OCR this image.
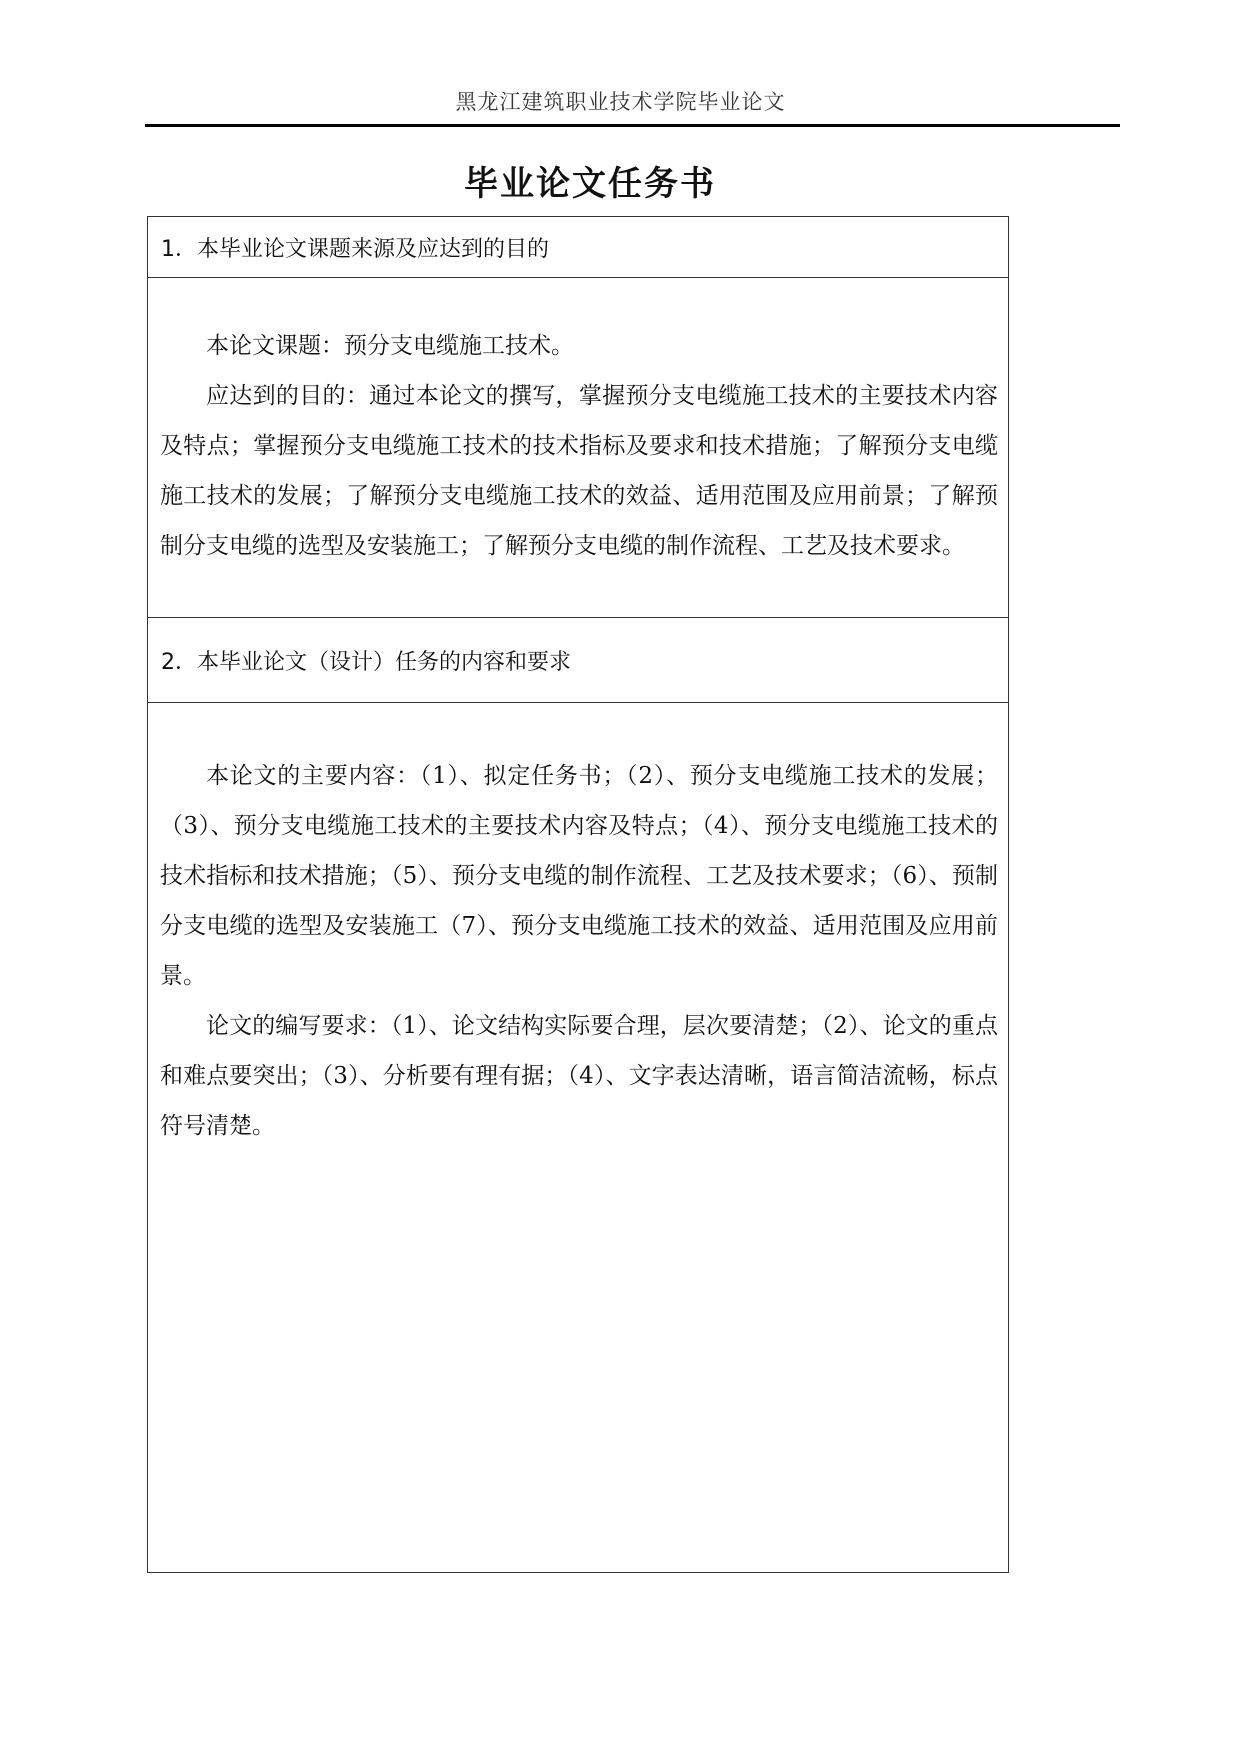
黑龙江建筑职业技术学院毕业论文
毕业论文任务书
1．本毕业论文课题来源及应达到的目的

本论文课题：预分支电缆施工技术。

应达到的目的：通过本论文的撰写，掌握预分支电缆施工技术的主要技术内容及特点；掌握预分支电缆施工技术的技术指标及要求和技术措施；了解预分支电缆施工技术的发展；了解预分支电缆施工技术的效益、适用范围及应用前景；了解预制分支电缆的选型及安装施工；了解预分支电缆的制作流程、工艺及技术要求。

2．本毕业论文（设计）任务的内容和要求

本论文的主要内容：（1）、拟定任务书；（2）、预分支电缆施工技术的发展；（3）、预分支电缆施工技术的主要技术内容及特点；（4）、预分支电缆施工技术的技术指标和技术措施；（5）、预分支电缆的制作流程、工艺及技术要求；（6）、预制分支电缆的选型及安装施工（7）、预分支电缆施工技术的效益、适用范围及应用前景。

论文的编写要求：（1）、论文结构实际要合理，层次要清楚；（2）、论文的重点和难点要突出；（3）、分析要有理有据；（4）、文字表达清晰，语言简洁流畅，标点符号清楚。
